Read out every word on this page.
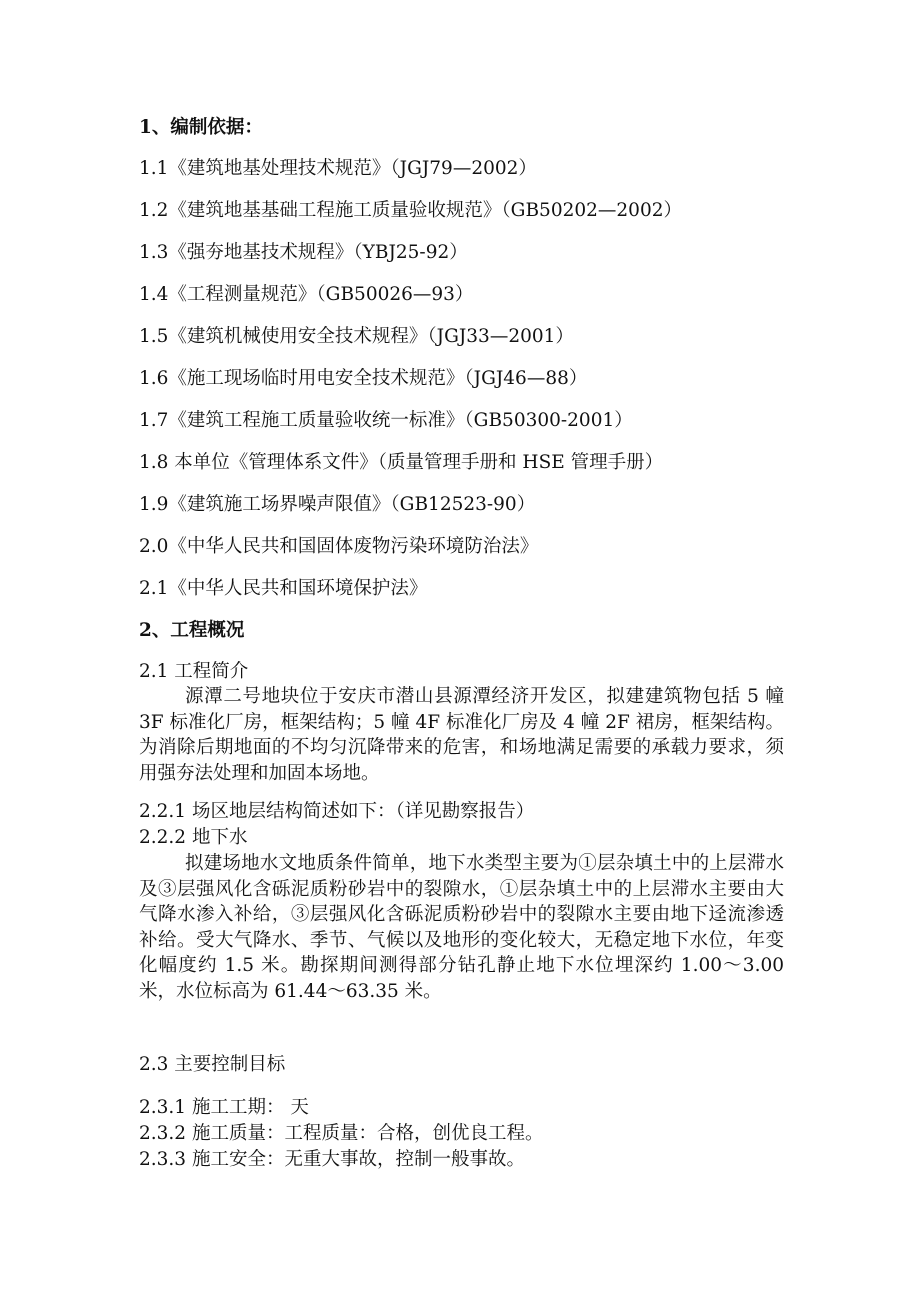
1、编制依据：
1.1《建筑地基处理技术规范》（JGJ79—2002）
1.2《建筑地基基础工程施工质量验收规范》（GB50202—2002）
1.3《强夯地基技术规程》（YBJ25-92）
1.4《工程测量规范》（GB50026—93）
1.5《建筑机械使用安全技术规程》（JGJ33—2001）
1.6《施工现场临时用电安全技术规范》（JGJ46—88）
1.7《建筑工程施工质量验收统一标准》（GB50300-2001）
1.8 本单位《管理体系文件》（质量管理手册和 HSE 管理手册）
1.9《建筑施工场界噪声限值》（GB12523-90）
2.0《中华人民共和国固体废物污染环境防治法》
2.1《中华人民共和国环境保护法》
2、工程概况
2.1 工程简介
源潭二号地块位于安庆市潜山县源潭经济开发区，拟建建筑物包括 5 幢 3F 标准化厂房，框架结构；5 幢 4F 标准化厂房及 4 幢 2F 裙房，框架结构。为消除后期地面的不均匀沉降带来的危害，和场地满足需要的承载力要求，须用强夯法处理和加固本场地。
2.2.1 场区地层结构简述如下：（详见勘察报告）
2.2.2 地下水
拟建场地水文地质条件简单，地下水类型主要为①层杂填土中的上层滞水及③层强风化含砾泥质粉砂岩中的裂隙水，①层杂填土中的上层滞水主要由大气降水渗入补给，③层强风化含砾泥质粉砂岩中的裂隙水主要由地下迳流渗透补给。受大气降水、季节、气候以及地形的变化较大，无稳定地下水位，年变化幅度约 1.5 米。勘探期间测得部分钻孔静止地下水位埋深约 1.00～3.00 米，水位标高为 61.44～63.35 米。
2.3 主要控制目标
2.3.1 施工工期： 天
2.3.2 施工质量：工程质量：合格，创优良工程。
2.3.3 施工安全：无重大事故，控制一般事故。
